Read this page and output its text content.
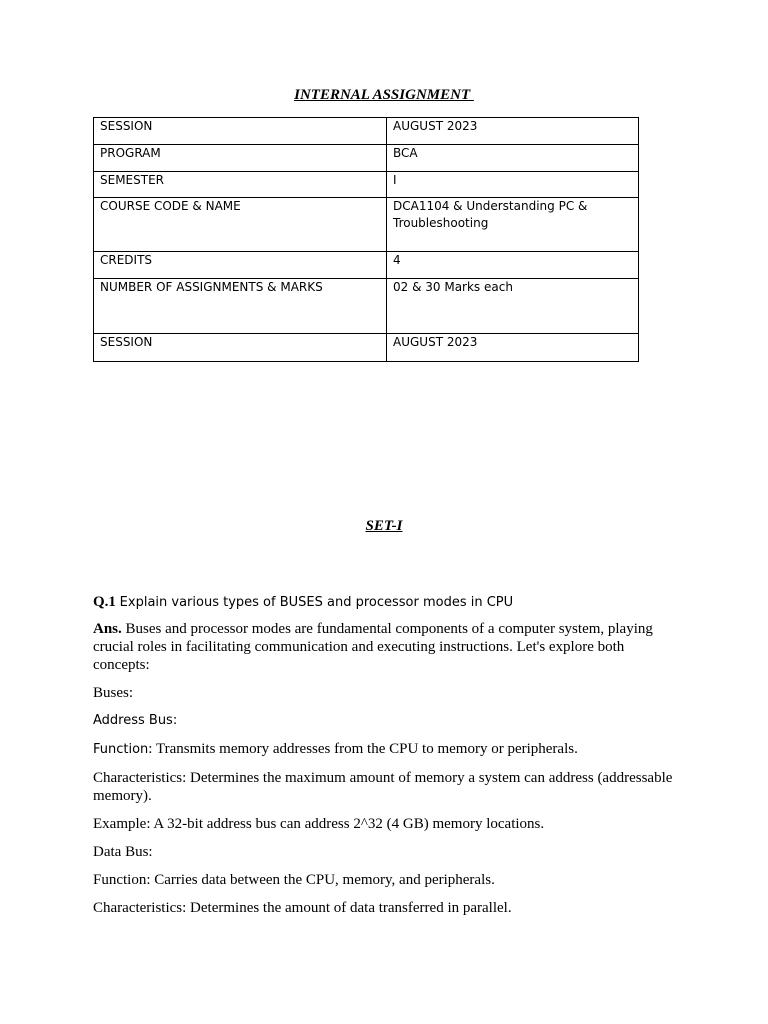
INTERNAL ASSIGNMENT
SESSION	AUGUST 2023

PROGRAM	BCA

SEMESTER	I

COURSE CODE & NAME	DCA1104 & Understanding PC & Troubleshooting

CREDITS	4

NUMBER OF ASSIGNMENTS & MARKS	02 & 30 Marks each

SESSION	AUGUST 2023
SET-I

Q.1 Explain various types of BUSES and processor modes in CPU

Ans. Buses and processor modes are fundamental components of a computer system, playing crucial roles in facilitating communication and executing instructions. Let's explore both concepts:

Buses:

Address Bus:

Function: Transmits memory addresses from the CPU to memory or peripherals.

Characteristics: Determines the maximum amount of memory a system can address (addressable memory).

Example: A 32-bit address bus can address 2^32 (4 GB) memory locations.

Data Bus:

Function: Carries data between the CPU, memory, and peripherals.

Characteristics: Determines the amount of data transferred in parallel.
